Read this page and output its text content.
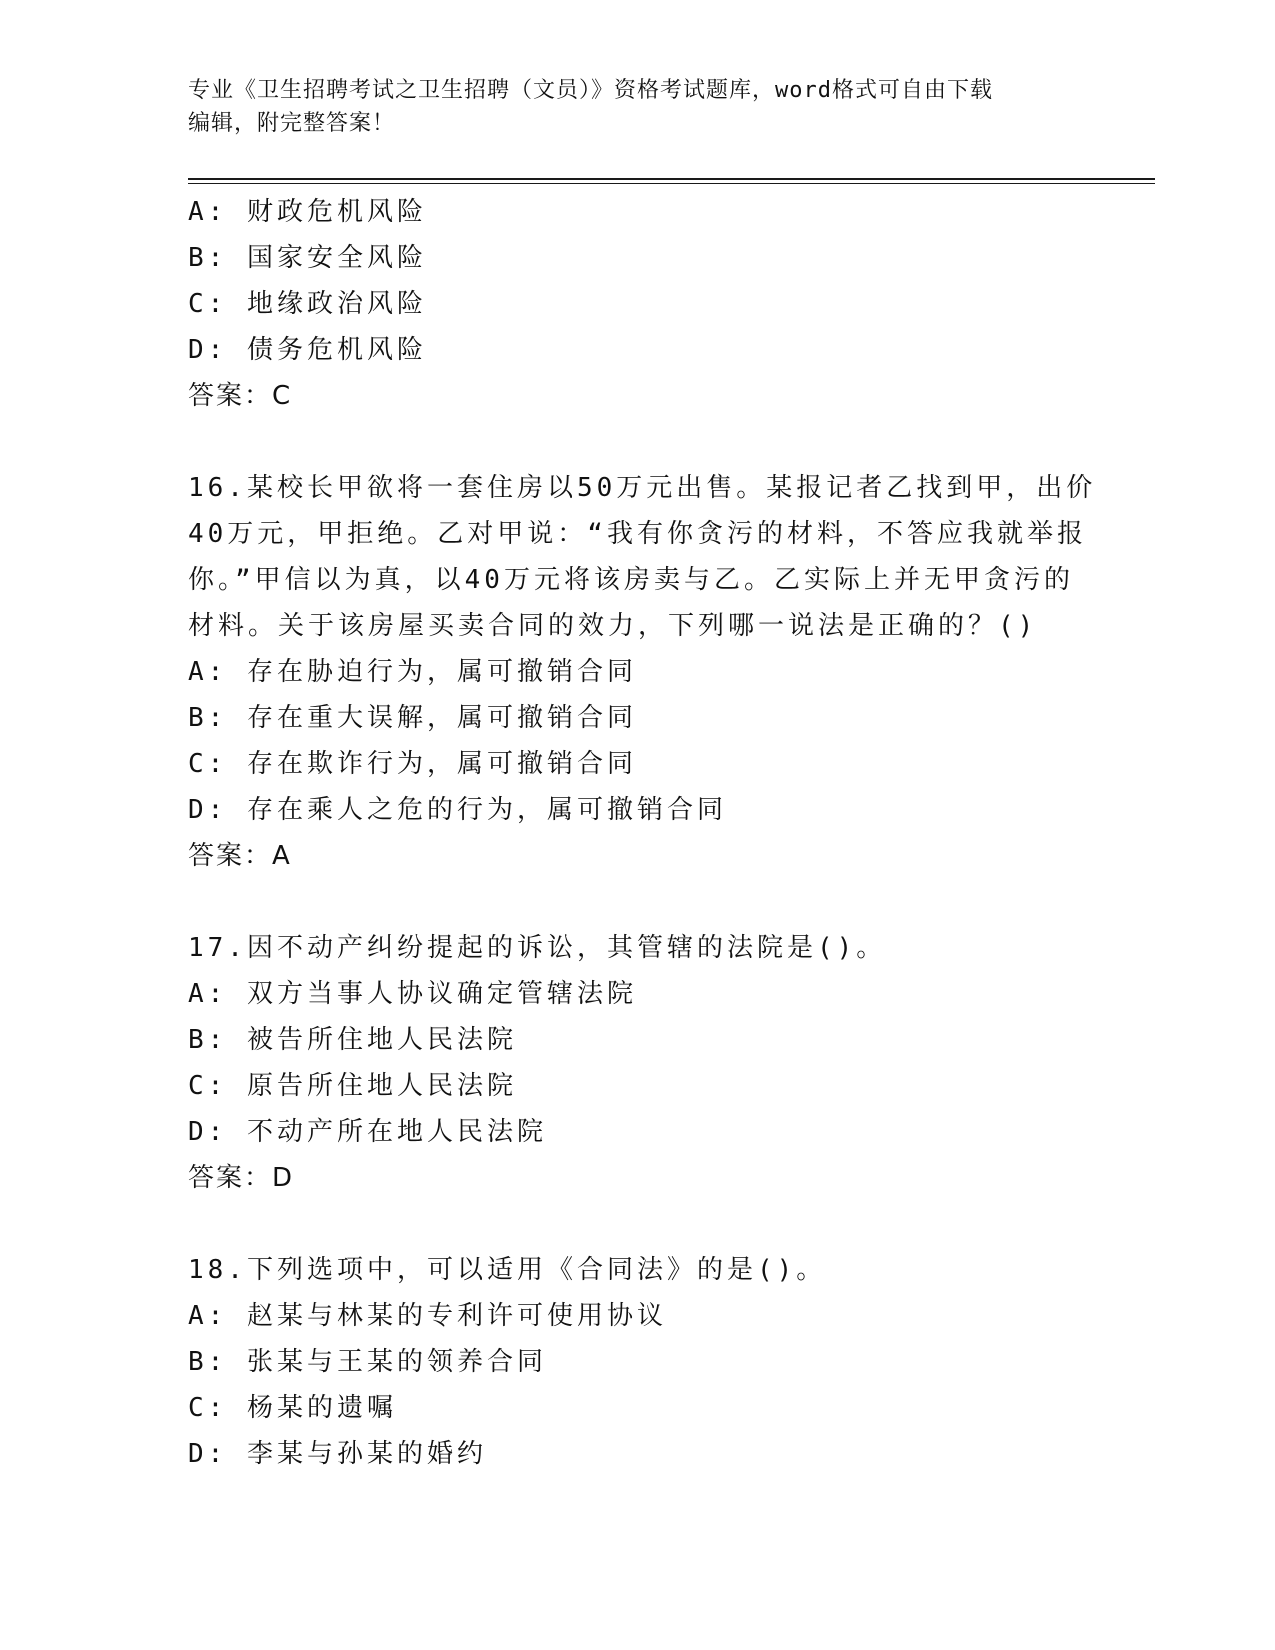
专业《卫生招聘考试之卫生招聘（文员）》资格考试题库，word格式可自由下载
编辑，附完整答案！
A: 财政危机风险
B: 国家安全风险
C: 地缘政治风险
D: 债务危机风险
答案：C
16.某校长甲欲将一套住房以50万元出售。某报记者乙找到甲，出价
40万元，甲拒绝。乙对甲说：“我有你贪污的材料，不答应我就举报
你。”甲信以为真，以40万元将该房卖与乙。乙实际上并无甲贪污的
材料。关于该房屋买卖合同的效力，下列哪一说法是正确的？()
A: 存在胁迫行为，属可撤销合同
B: 存在重大误解，属可撤销合同
C: 存在欺诈行为，属可撤销合同
D: 存在乘人之危的行为，属可撤销合同
答案：A
17.因不动产纠纷提起的诉讼，其管辖的法院是()。
A: 双方当事人协议确定管辖法院
B: 被告所住地人民法院
C: 原告所住地人民法院
D: 不动产所在地人民法院
答案：D
18.下列选项中，可以适用《合同法》的是()。
A: 赵某与林某的专利许可使用协议
B: 张某与王某的领养合同
C: 杨某的遗嘱
D: 李某与孙某的婚约
